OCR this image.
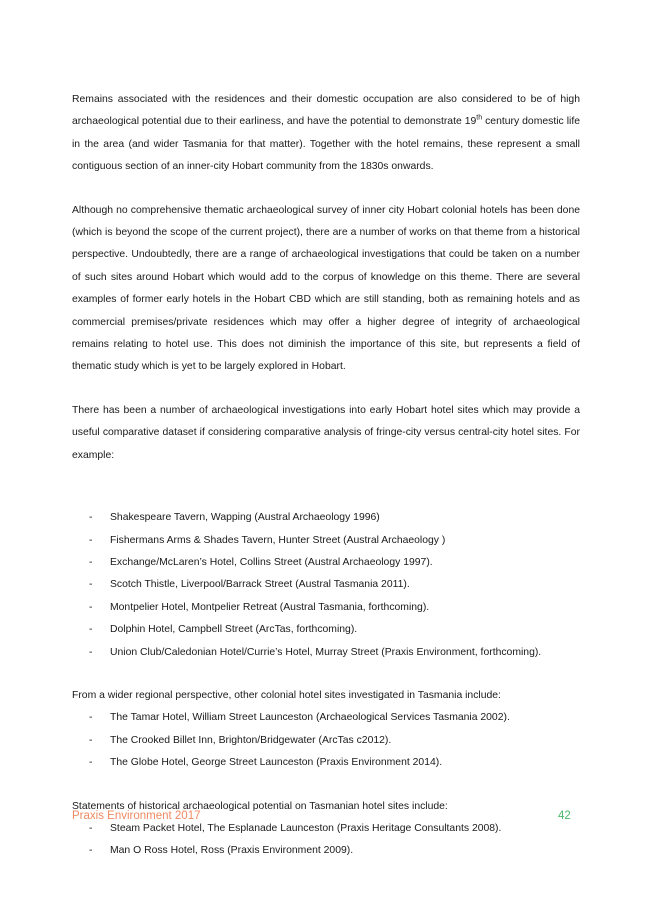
Remains associated with the residences and their domestic occupation are also considered to be of high archaeological potential due to their earliness, and have the potential to demonstrate 19th century domestic life in the area (and wider Tasmania for that matter). Together with the hotel remains, these represent a small contiguous section of an inner-city Hobart community from the 1830s onwards.

Although no comprehensive thematic archaeological survey of inner city Hobart colonial hotels has been done (which is beyond the scope of the current project), there are a number of works on that theme from a historical perspective. Undoubtedly, there are a range of archaeological investigations that could be taken on a number of such sites around Hobart which would add to the corpus of knowledge on this theme. There are several examples of former early hotels in the Hobart CBD which are still standing, both as remaining hotels and as commercial premises/private residences which may offer a higher degree of integrity of archaeological remains relating to hotel use. This does not diminish the importance of this site, but represents a field of thematic study which is yet to be largely explored in Hobart.

There has been a number of archaeological investigations into early Hobart hotel sites which may provide a useful comparative dataset if considering comparative analysis of fringe-city versus central-city hotel sites. For example:

-	Shakespeare Tavern, Wapping (Austral Archaeology 1996)
-	Fishermans Arms & Shades Tavern, Hunter Street (Austral Archaeology )
-	Exchange/McLaren’s Hotel, Collins Street (Austral Archaeology 1997).
-	Scotch Thistle, Liverpool/Barrack Street (Austral Tasmania 2011).
-	Montpelier Hotel, Montpelier Retreat (Austral Tasmania, forthcoming).
-	Dolphin Hotel, Campbell Street (ArcTas, forthcoming).
-	Union Club/Caledonian Hotel/Currie’s Hotel, Murray Street (Praxis Environment, forthcoming).

From a wider regional perspective, other colonial hotel sites investigated in Tasmania include:

-	The Tamar Hotel, William Street Launceston (Archaeological Services Tasmania 2002).
-	The Crooked Billet Inn, Brighton/Bridgewater (ArcTas c2012).
-	The Globe Hotel, George Street Launceston (Praxis Environment 2014).

Statements of historical archaeological potential on Tasmanian hotel sites include:

-	Steam Packet Hotel, The Esplanade Launceston (Praxis Heritage Consultants 2008).
-	Man O Ross Hotel, Ross (Praxis Environment 2009).
Praxis Environment 2017	42
